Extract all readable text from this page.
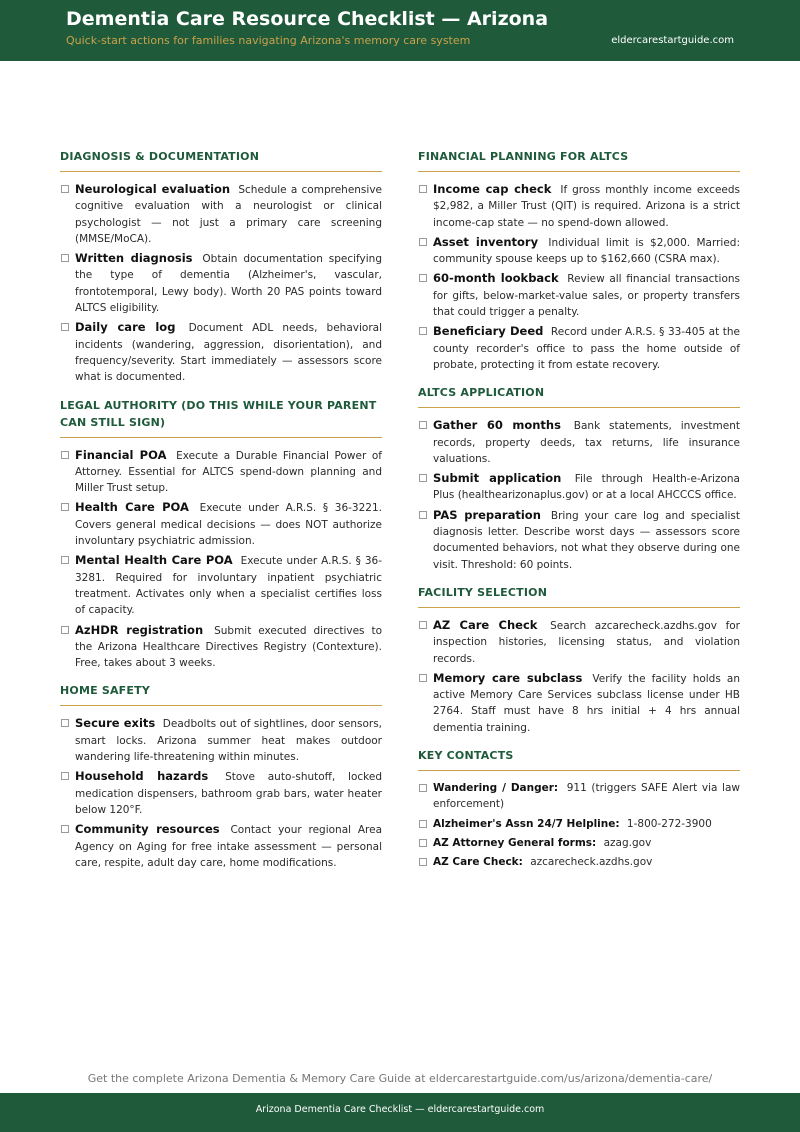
Dementia Care Resource Checklist — Arizona
Quick-start actions for families navigating Arizona's memory care system	eldercarestartguide.com
DIAGNOSIS & DOCUMENTATION
Neurological evaluation Schedule a comprehensive cognitive evaluation with a neurologist or clinical psychologist — not just a primary care screening (MMSE/MoCA).
Written diagnosis Obtain documentation specifying the type of dementia (Alzheimer's, vascular, frontotemporal, Lewy body). Worth 20 PAS points toward ALTCS eligibility.
Daily care log Document ADL needs, behavioral incidents (wandering, aggression, disorientation), and frequency/severity. Start immediately — assessors score what is documented.
LEGAL AUTHORITY (DO THIS WHILE YOUR PARENT CAN STILL SIGN)
Financial POA Execute a Durable Financial Power of Attorney. Essential for ALTCS spend-down planning and Miller Trust setup.
Health Care POA Execute under A.R.S. § 36-3221. Covers general medical decisions — does NOT authorize involuntary psychiatric admission.
Mental Health Care POA Execute under A.R.S. § 36-3281. Required for involuntary inpatient psychiatric treatment. Activates only when a specialist certifies loss of capacity.
AzHDR registration Submit executed directives to the Arizona Healthcare Directives Registry (Contexture). Free, takes about 3 weeks.
HOME SAFETY
Secure exits Deadbolts out of sightlines, door sensors, smart locks. Arizona summer heat makes outdoor wandering life-threatening within minutes.
Household hazards Stove auto-shutoff, locked medication dispensers, bathroom grab bars, water heater below 120°F.
Community resources Contact your regional Area Agency on Aging for free intake assessment — personal care, respite, adult day care, home modifications.
FINANCIAL PLANNING FOR ALTCS
Income cap check If gross monthly income exceeds $2,982, a Miller Trust (QIT) is required. Arizona is a strict income-cap state — no spend-down allowed.
Asset inventory Individual limit is $2,000. Married: community spouse keeps up to $162,660 (CSRA max).
60-month lookback Review all financial transactions for gifts, below-market-value sales, or property transfers that could trigger a penalty.
Beneficiary Deed Record under A.R.S. § 33-405 at the county recorder's office to pass the home outside of probate, protecting it from estate recovery.
ALTCS APPLICATION
Gather 60 months Bank statements, investment records, property deeds, tax returns, life insurance valuations.
Submit application File through Health-e-Arizona Plus (healthearizonaplus.gov) or at a local AHCCCS office.
PAS preparation Bring your care log and specialist diagnosis letter. Describe worst days — assessors score documented behaviors, not what they observe during one visit. Threshold: 60 points.
FACILITY SELECTION
AZ Care Check Search azcarecheck.azdhs.gov for inspection histories, licensing status, and violation records.
Memory care subclass Verify the facility holds an active Memory Care Services subclass license under HB 2764. Staff must have 8 hrs initial + 4 hrs annual dementia training.
KEY CONTACTS
Wandering / Danger: 911 (triggers SAFE Alert via law enforcement)
Alzheimer's Assn 24/7 Helpline: 1-800-272-3900
AZ Attorney General forms: azag.gov
AZ Care Check: azcarecheck.azdhs.gov
Get the complete Arizona Dementia & Memory Care Guide at eldercarestartguide.com/us/arizona/dementia-care/
Arizona Dementia Care Checklist — eldercarestartguide.com
